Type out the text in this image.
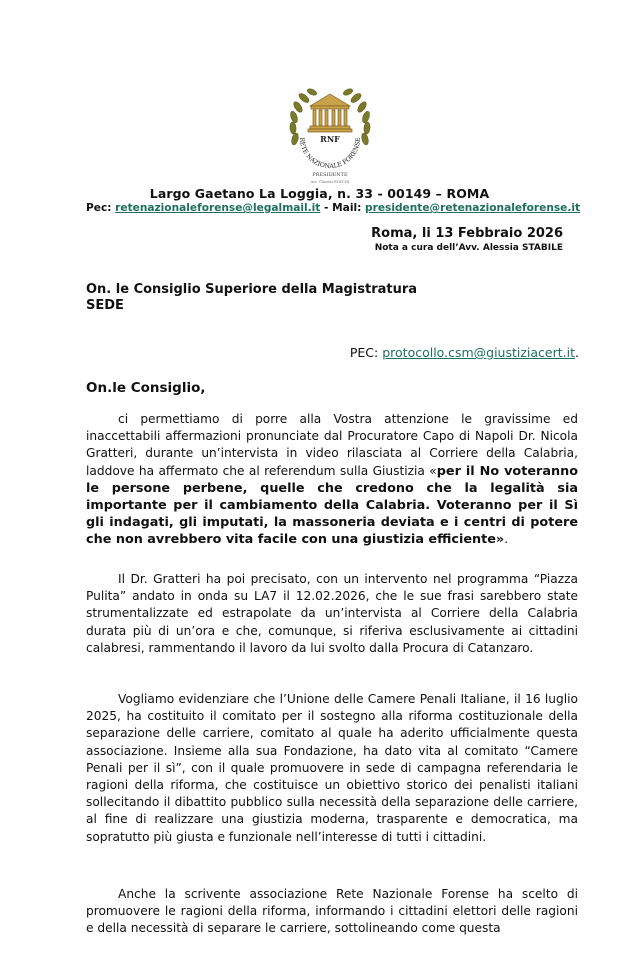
RNF
RETE NAZIONALE FORENSE
PRESIDENTE
Avv. Claudio BOSCHI
Largo Gaetano La Loggia, n. 33 - 00149 – ROMA
Pec: retenazionaleforense@legalmail.it - Mail: presidente@retenazionaleforense.it
Roma, li 13 Febbraio 2026
Nota a cura dell’Avv. Alessia STABILE
On. le Consiglio Superiore della Magistratura
SEDE
PEC: protocollo.csm@giustiziacert.it.
On.le Consiglio,

ci permettiamo di porre alla Vostra attenzione le gravissime ed inaccettabili affermazioni pronunciate dal Procuratore Capo di Napoli Dr. Nicola Gratteri, durante un’intervista in video rilasciata al Corriere della Calabria, laddove ha affermato che al referendum sulla Giustizia «per il No voteranno le persone perbene, quelle che credono che la legalità sia importante per il cambiamento della Calabria. Voteranno per il Sì gli indagati, gli imputati, la massoneria deviata e i centri di potere che non avrebbero vita facile con una giustizia efficiente».

Il Dr. Gratteri ha poi precisato, con un intervento nel programma “Piazza Pulita” andato in onda su LA7 il 12.02.2026, che le sue frasi sarebbero state strumentalizzate ed estrapolate da un’intervista al Corriere della Calabria durata più di un’ora e che, comunque, si riferiva esclusivamente ai cittadini calabresi, rammentando il lavoro da lui svolto dalla Procura di Catanzaro.

Vogliamo evidenziare che l’Unione delle Camere Penali Italiane, il 16 luglio 2025, ha costituito il comitato per il sostegno alla riforma costituzionale della separazione delle carriere, comitato al quale ha aderito ufficialmente questa associazione. Insieme alla sua Fondazione, ha dato vita al comitato “Camere Penali per il sì”, con il quale promuovere in sede di campagna referendaria le ragioni della riforma, che costituisce un obiettivo storico dei penalisti italiani sollecitando il dibattito pubblico sulla necessità della separazione delle carriere, al fine di realizzare una giustizia moderna, trasparente e democratica, ma sopratutto più giusta e funzionale nell’interesse di tutti i cittadini.

Anche la scrivente associazione Rete Nazionale Forense ha scelto di promuovere le ragioni della riforma, informando i cittadini elettori delle ragioni e della necessità di separare le carriere, sottolineando come questa
